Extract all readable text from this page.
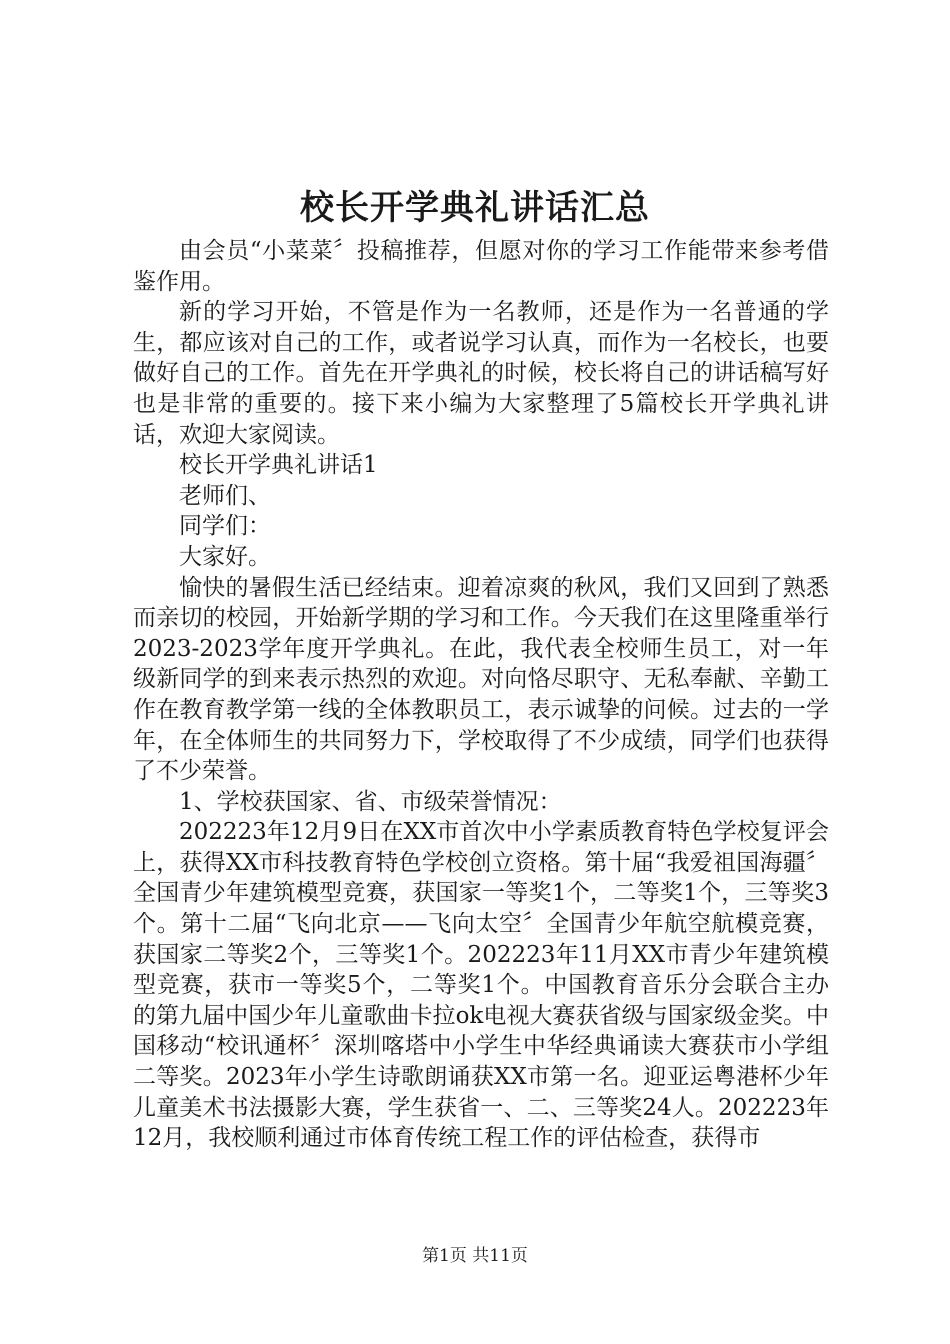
校长开学典礼讲话汇总

由会员“小菜菜〞投稿推荐，但愿对你的学习工作能带来参考借鉴作用。

新的学习开始，不管是作为一名教师，还是作为一名普通的学生，都应该对自己的工作，或者说学习认真，而作为一名校长，也要做好自己的工作。首先在开学典礼的时候，校长将自己的讲话稿写好也是非常的重要的。接下来小编为大家整理了5篇校长开学典礼讲话，欢迎大家阅读。

校长开学典礼讲话1

老师们、

同学们：

大家好。

愉快的暑假生活已经结束。迎着凉爽的秋风，我们又回到了熟悉而亲切的校园，开始新学期的学习和工作。今天我们在这里隆重举行2023-2023学年度开学典礼。在此，我代表全校师生员工，对一年级新同学的到来表示热烈的欢迎。对向恪尽职守、无私奉献、辛勤工作在教育教学第一线的全体教职员工，表示诚挚的问候。过去的一学年，在全体师生的共同努力下，学校取得了不少成绩，同学们也获得了不少荣誉。

1、学校获国家、省、市级荣誉情况：

202223年12月9日在XX市首次中小学素质教育特色学校复评会上，获得XX市科技教育特色学校创立资格。第十届“我爱祖国海疆〞全国青少年建筑模型竞赛，获国家一等奖1个，二等奖1个，三等奖3个。第十二届“飞向北京——飞向太空〞全国青少年航空航模竞赛，获国家二等奖2个，三等奖1个。202223年11月XX市青少年建筑模型竞赛，获市一等奖5个，二等奖1个。中国教育音乐分会联合主办的第九届中国少年儿童歌曲卡拉ok电视大赛获省级与国家级金奖。中国移动“校讯通杯〞深圳喀塔中小学生中华经典诵读大赛获市小学组二等奖。2023年小学生诗歌朗诵获XX市第一名。迎亚运粤港杯少年儿童美术书法摄影大赛，学生获省一、二、三等奖24人。202223年12月，我校顺利通过市体育传统工程工作的评估检查，获得市

第1页 共11页
